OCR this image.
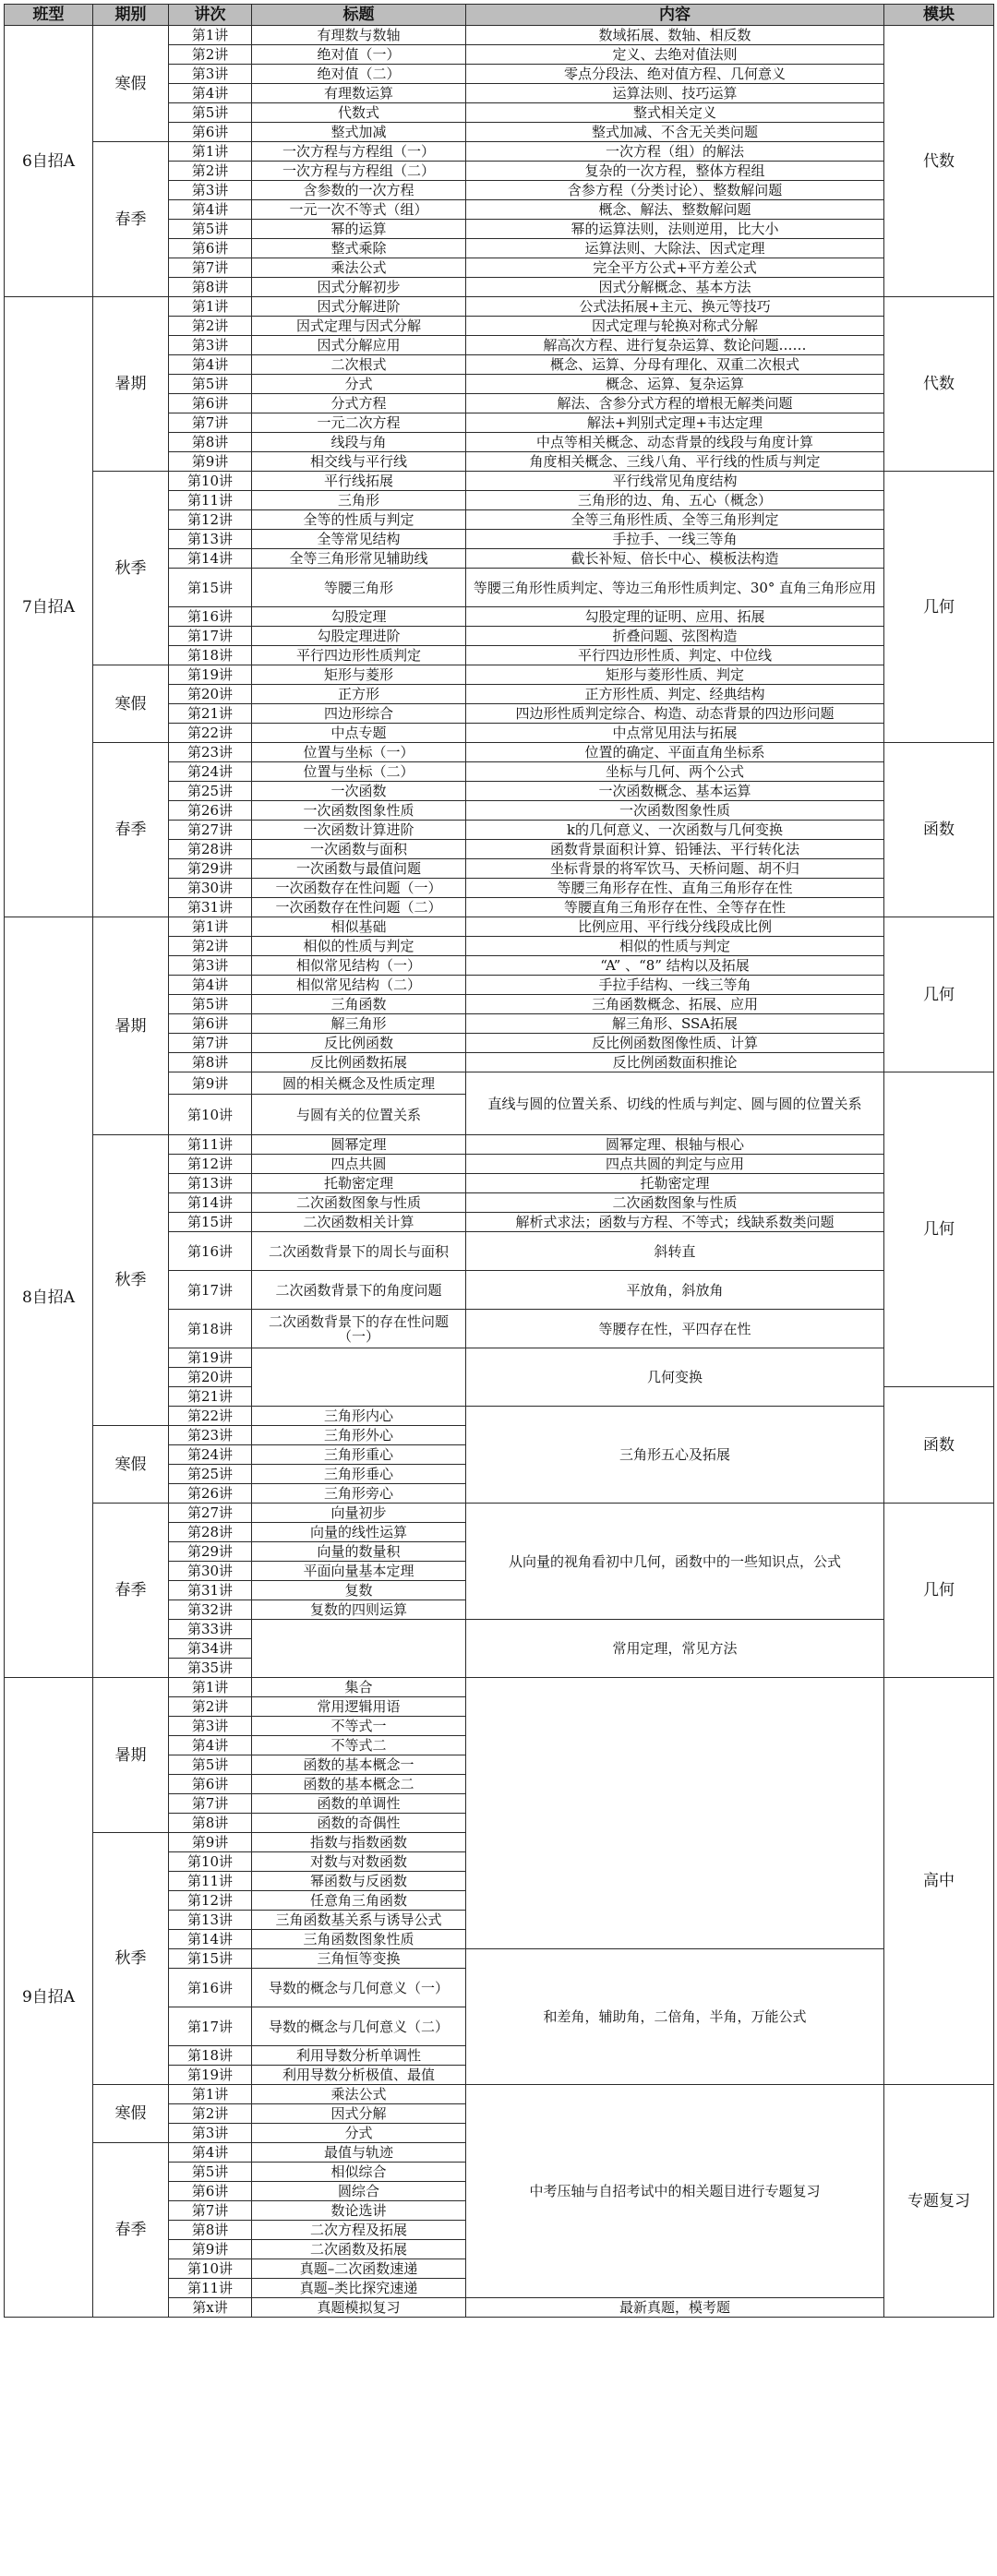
班型	期别	讲次	标题	内容	模块
6自招A	寒假	第1讲	有理数与数轴	数域拓展、数轴、相反数	代数
		第2讲	绝对值（一）	定义、去绝对值法则	
		第3讲	绝对值（二）	零点分段法、绝对值方程、几何意义	
		第4讲	有理数运算	运算法则、技巧运算	
		第5讲	代数式	整式相关定义	
		第6讲	整式加减	整式加减、不含无关类问题	
	春季	第1讲	一次方程与方程组（一）	一次方程（组）的解法	
		第2讲	一次方程与方程组（二）	复杂的一次方程，整体方程组	
		第3讲	含参数的一次方程	含参方程（分类讨论）、整数解问题	
		第4讲	一元一次不等式（组）	概念、解法、整数解问题	
		第5讲	幂的运算	幂的运算法则，法则逆用，比大小	
		第6讲	整式乘除	运算法则、大除法、因式定理	
		第7讲	乘法公式	完全平方公式+平方差公式	
		第8讲	因式分解初步	因式分解概念、基本方法	
7自招A	暑期	第1讲	因式分解进阶	公式法拓展+主元、换元等技巧	代数
		第2讲	因式定理与因式分解	因式定理与轮换对称式分解	
		第3讲	因式分解应用	解高次方程、进行复杂运算、数论问题……	
		第4讲	二次根式	概念、运算、分母有理化、双重二次根式	
		第5讲	分式	概念、运算、复杂运算	
		第6讲	分式方程	解法、含参分式方程的增根无解类问题	
		第7讲	一元二次方程	解法+判别式定理+韦达定理	
		第8讲	线段与角	中点等相关概念、动态背景的线段与角度计算	
		第9讲	相交线与平行线	角度相关概念、三线八角、平行线的性质与判定	
	秋季	第10讲	平行线拓展	平行线常见角度结构	几何
		第11讲	三角形	三角形的边、角、五心（概念）	
		第12讲	全等的性质与判定	全等三角形性质、全等三角形判定	
		第13讲	全等常见结构	手拉手、一线三等角	
		第14讲	全等三角形常见辅助线	截长补短、倍长中心、模板法构造	
		第15讲	等腰三角形	等腰三角形性质判定、等边三角形性质判定、30° 直角三角形应用	
		第16讲	勾股定理	勾股定理的证明、应用、拓展	
		第17讲	勾股定理进阶	折叠问题、弦图构造	
		第18讲	平行四边形性质判定	平行四边形性质、判定、中位线	
	寒假	第19讲	矩形与菱形	矩形与菱形性质、判定	
		第20讲	正方形	正方形性质、判定、经典结构	
		第21讲	四边形综合	四边形性质判定综合、构造、动态背景的四边形问题	
		第22讲	中点专题	中点常见用法与拓展	
	春季	第23讲	位置与坐标（一）	位置的确定、平面直角坐标系	函数
		第24讲	位置与坐标（二）	坐标与几何、两个公式	
		第25讲	一次函数	一次函数概念、基本运算	
		第26讲	一次函数图象性质	一次函数图象性质	
		第27讲	一次函数计算进阶	k的几何意义、一次函数与几何变换	
		第28讲	一次函数与面积	函数背景面积计算、铅锤法、平行转化法	
		第29讲	一次函数与最值问题	坐标背景的将军饮马、天桥问题、胡不归	
		第30讲	一次函数存在性问题（一）	等腰三角形存在性、直角三角形存在性	
		第31讲	一次函数存在性问题（二）	等腰直角三角形存在性、全等存在性	
8自招A	暑期	第1讲	相似基础	比例应用、平行线分线段成比例	几何
		第2讲	相似的性质与判定	相似的性质与判定	
		第3讲	相似常见结构（一）	“A” 、“8” 结构以及拓展	
		第4讲	相似常见结构（二）	手拉手结构、一线三等角	
		第5讲	三角函数	三角函数概念、拓展、应用	
		第6讲	解三角形	解三角形、SSA拓展	
		第7讲	反比例函数	反比例函数图像性质、计算	
		第8讲	反比例函数拓展	反比例函数面积推论	
		第9讲	圆的相关概念及性质定理	直线与圆的位置关系、切线的性质与判定、圆与圆的位置关系	几何
		第10讲	与圆有关的位置关系		
	秋季	第11讲	圆幂定理	圆幂定理、根轴与根心	
		第12讲	四点共圆	四点共圆的判定与应用	
		第13讲	托勒密定理	托勒密定理	
		第14讲	二次函数图象与性质	二次函数图象与性质	
		第15讲	二次函数相关计算	解析式求法；函数与方程、不等式；线缺系数类问题	
		第16讲	二次函数背景下的周长与面积	斜转直	
		第17讲	二次函数背景下的角度问题	平放角，斜放角	
		第18讲	二次函数背景下的存在性问题（一）	等腰存在性，平四存在性	
		第19讲		几何变换	
		第20讲			
		第21讲			函数
		第22讲	三角形内心	三角形五心及拓展	
	寒假	第23讲	三角形外心		
		第24讲	三角形重心		
		第25讲	三角形垂心		
		第26讲	三角形旁心		
	春季	第27讲	向量初步	从向量的视角看初中几何，函数中的一些知识点，公式	几何
		第28讲	向量的线性运算		
		第29讲	向量的数量积		
		第30讲	平面向量基本定理		
		第31讲	复数		
		第32讲	复数的四则运算		
		第33讲		常用定理，常见方法	
		第34讲			
		第35讲			
9自招A	暑期	第1讲	集合		高中
		第2讲	常用逻辑用语		
		第3讲	不等式一		
		第4讲	不等式二		
		第5讲	函数的基本概念一		
		第6讲	函数的基本概念二		
		第7讲	函数的单调性		
		第8讲	函数的奇偶性		
	秋季	第9讲	指数与指数函数		
		第10讲	对数与对数函数		
		第11讲	幂函数与反函数		
		第12讲	任意角三角函数		
		第13讲	三角函数基关系与诱导公式		
		第14讲	三角函数图象性质		
		第15讲	三角恒等变换	和差角，辅助角，二倍角，半角，万能公式	
		第16讲	导数的概念与几何意义（一）		
		第17讲	导数的概念与几何意义（二）		
		第18讲	利用导数分析单调性		
		第19讲	利用导数分析极值、最值		
	寒假	第1讲	乘法公式	中考压轴与自招考试中的相关题目进行专题复习	专题复习
		第2讲	因式分解		
		第3讲	分式		
	春季	第4讲	最值与轨迹		
		第5讲	相似综合		
		第6讲	圆综合		
		第7讲	数论选讲		
		第8讲	二次方程及拓展		
		第9讲	二次函数及拓展		
		第10讲	真题–二次函数速递		
		第11讲	真题–类比探究速递		
		第x讲	真题模拟复习	最新真题，模考题	
